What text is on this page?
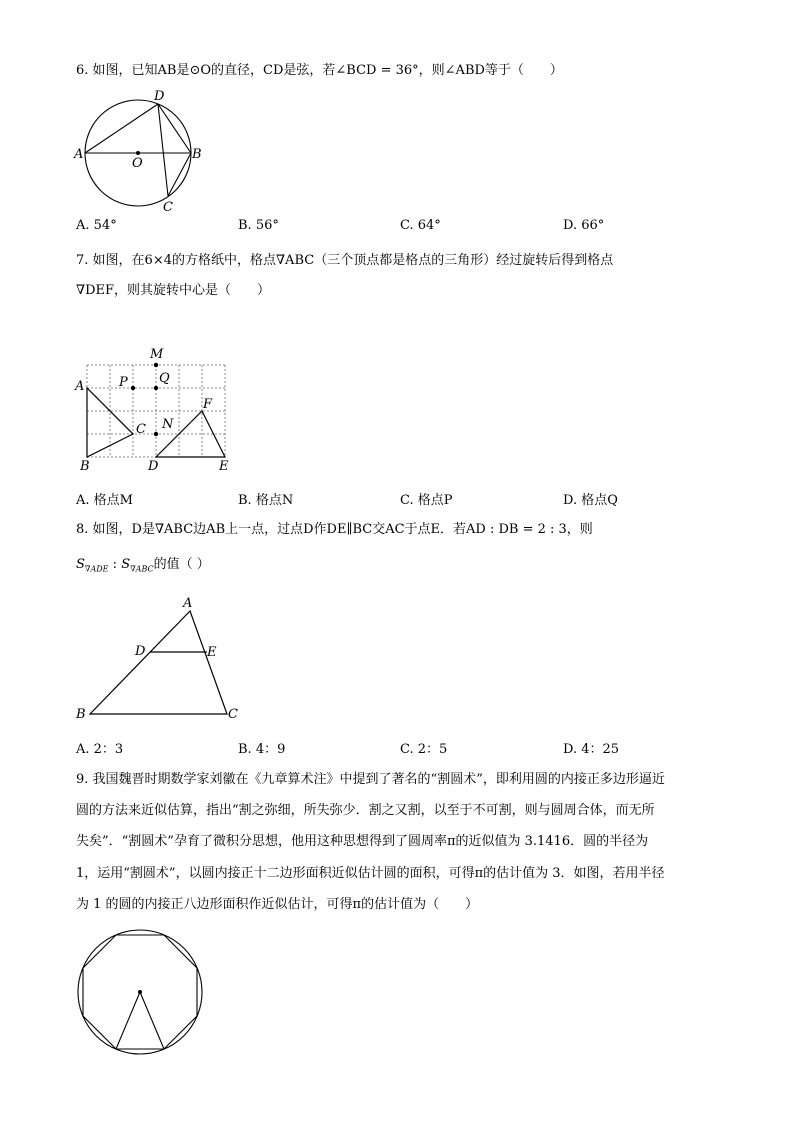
6. 如图，已知AB是⊙O的直径，CD是弦，若∠BCD = 36°，则∠ABD等于（　　）
A	B
C
D
O
A. 54°	B. 56°	C. 64°	D. 66°
7. 如图，在6×4的方格纸中，格点∇ABC（三个顶点都是格点的三角形）经过旋转后得到格点
∇DEF，则其旋转中心是（　　）
A
B
C
D	E
F
M
N
P Q
A. 格点M	B. 格点N	C. 格点P	D. 格点Q
8. 如图，D是∇ABC边AB上一点，过点D作DE∥BC交AC于点E．若AD : DB = 2 : 3，则
$S_{\nabla ADE}$ : $S_{\nabla ABC}$的值（ ）
A
B	C
D	E
A. 2：3	B. 4：9	C. 2：5	D. 4：25
9. 我国魏晋时期数学家刘徽在《九章算术注》中提到了著名的“割圆术”，即利用圆的内接正多边形逼近
圆的方法来近似估算，指出“割之弥细，所失弥少．割之又割，以至于不可割，则与圆周合体，而无所
失矣”．“割圆术”孕育了微积分思想，他用这种思想得到了圆周率π的近似值为 3.1416．圆的半径为
1，运用“割圆术”，以圆内接正十二边形面积近似估计圆的面积，可得π的估计值为 3．如图，若用半径
为 1 的圆的内接正八边形面积作近似估计，可得π的估计值为（　　）
